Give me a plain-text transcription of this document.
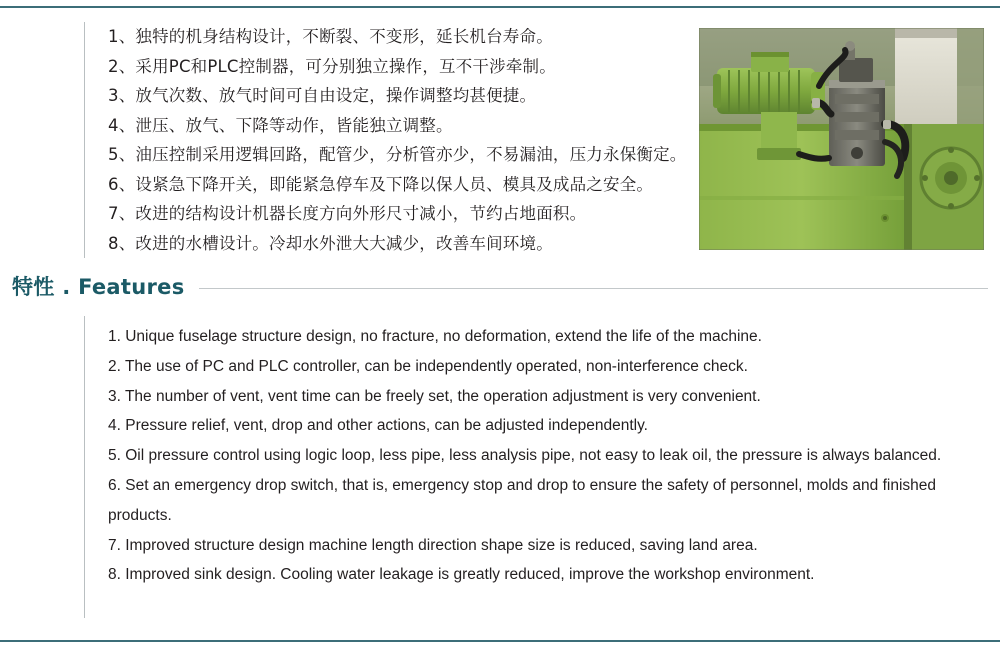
1、独特的机身结构设计，不断裂、不变形，延长机台寿命。
2、采用PC和PLC控制器，可分别独立操作，互不干涉牵制。
3、放气次数、放气时间可自由设定，操作调整均甚便捷。
4、泄压、放气、下降等动作，皆能独立调整。
5、油压控制采用逻辑回路，配管少，分析管亦少，不易漏油，压力永保衡定。
6、设紧急下降开关，即能紧急停车及下降以保人员、模具及成品之安全。
7、改进的结构设计机器长度方向外形尺寸减小，节约占地面积。
8、改进的水槽设计。冷却水外泄大大减少，改善车间环境。
特性 . Features

1. Unique fuselage structure design, no fracture, no deformation, extend the life of the machine.

2. The use of PC and PLC controller, can be independently operated, non-interference check.

3. The number of vent, vent time can be freely set, the operation adjustment is very convenient.

4. Pressure relief, vent, drop and other actions, can be adjusted independently.

5. Oil pressure control using logic loop, less pipe, less analysis pipe, not easy to leak oil, the pressure is always balanced.

6. Set an emergency drop switch, that is, emergency stop and drop to ensure the safety of personnel, molds and finished products.

7. Improved structure design machine length direction shape size is reduced, saving land area.

8. Improved sink design. Cooling water leakage is greatly reduced, improve the workshop environment.
